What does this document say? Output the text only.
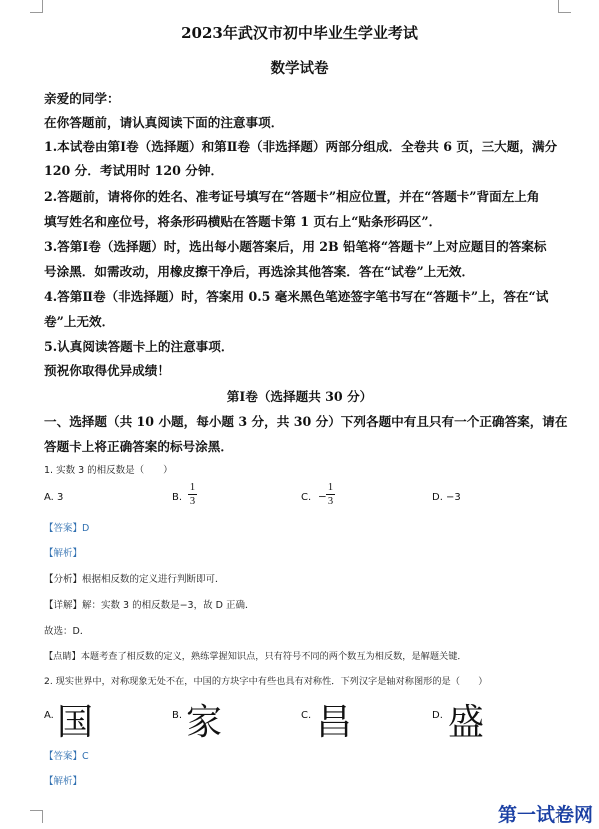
2023年武汉市初中毕业生学业考试
数学试卷
亲爱的同学：
在你答题前，请认真阅读下面的注意事项．
1.本试卷由第Ⅰ卷（选择题）和第Ⅱ卷（非选择题）两部分组成．全卷共 6 页，三大题，满分
120 分．考试用时 120 分钟．
2.答题前，请将你的姓名、准考证号填写在“答题卡”相应位置，并在“答题卡”背面左上角
填写姓名和座位号，将条形码横贴在答题卡第 1 页右上“贴条形码区”．
3.答第Ⅰ卷（选择题）时，选出每小题答案后，用 2B 铅笔将“答题卡”上对应题目的答案标
号涂黑．如需改动，用橡皮擦干净后，再选涂其他答案．答在“试卷”上无效．
4.答第Ⅱ卷（非选择题）时，答案用 0.5 毫米黑色笔迹签字笔书写在“答题卡”上，答在“试
卷”上无效．
5.认真阅读答题卡上的注意事项．
预祝你取得优异成绩！
第Ⅰ卷（选择题共 30 分）
一、选择题（共 10 小题，每小题 3 分，共 30 分）下列各题中有且只有一个正确答案，请在
答题卡上将正确答案的标号涂黑．
1. 实数 3 的相反数是（　　）
A. 3	B.
1
3	C. −
1
3	D. −3
【答案】D
【解析】
【分析】根据相反数的定义进行判断即可．
【详解】解：实数 3 的相反数是−3，故 D 正确．
故选：D．
【点睛】本题考查了相反数的定义，熟练掌握知识点，只有符号不同的两个数互为相反数，是解题关键．
2. 现实世界中，对称现象无处不在，中国的方块字中有些也具有对称性．下列汉字是轴对称图形的是（　　）
A. 国	B. 家	C. 昌	D. 盛
【答案】C
【解析】
第一试卷网
